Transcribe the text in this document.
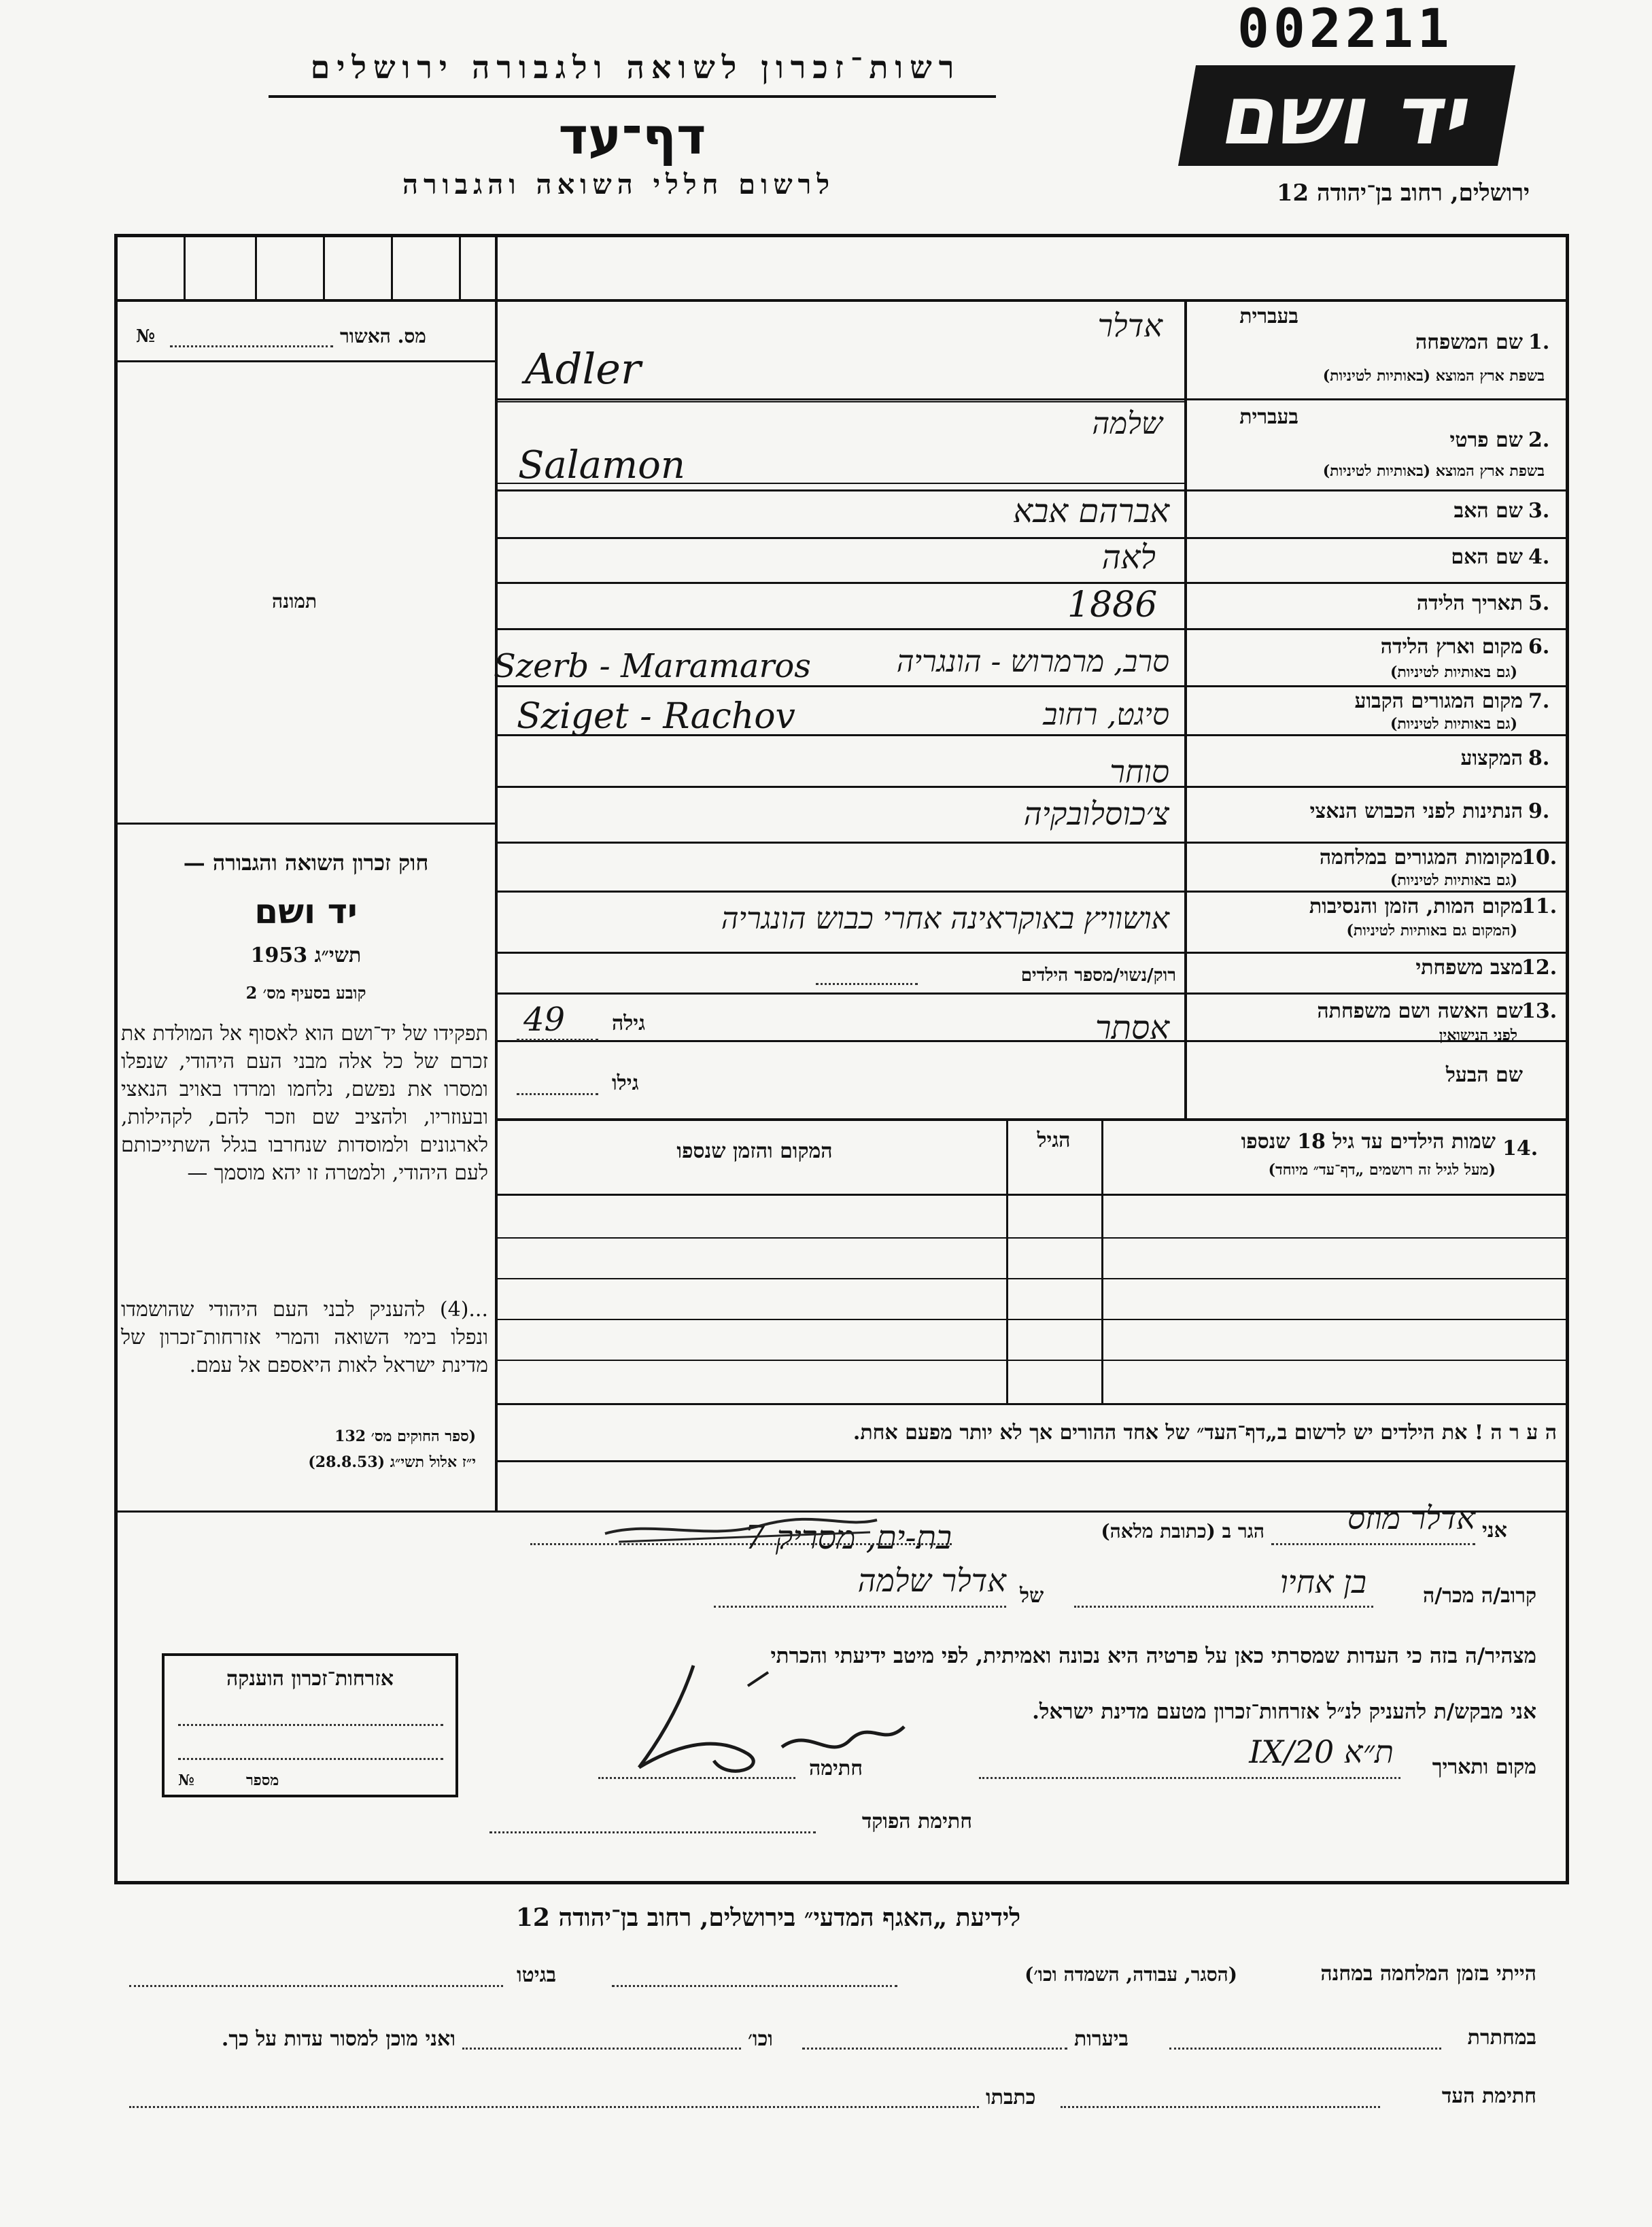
002211
רשות־זכרון לשואה ולגבורה ירושלים
דף־עד
לרשום חללי השואה והגבורה
יד ושם
ירושלים, רחוב בן־יהודה 12
מס. האשור
№
תמונה
חוק זכרון השואה והגבורה —
יד ושם
תשי״ג 1953
קובע בסעיף מס׳ 2
תפקידו של יד־ושם הוא לאסוף אל המולדת את זכרם של כל אלה מבני העם היהודי, שנפלו ומסרו את נפשם, נלחמו ומרדו באויב הנאצי ובעוזריו, ולהציב שם וזכר להם, לקהילות, לארגונים ולמוסדות שנחרבו בגלל השתייכותם לעם היהודי, ולמטרה זו יהא מוסמך —
...(4) להעניק לבני העם היהודי שהושמדו ונפלו בימי השואה והמרי אזרחות־זכרון של מדינת ישראל לאות היאספם אל עמם.
(ספר החוקים מס׳ 132
י״ז אלול תשי״ג (28.8.53)
אזרחות־זכרון הוענקה
מספר
№
שם המשפחה 1.
בעברית
בשפת ארץ המוצא (באותיות לטיניות)
אדלר
Adler
שם פרטי 2.
בעברית
בשפת ארץ המוצא (באותיות לטיניות)
שלמה
Salamon
שם האב 3.
אברהם אבא
שם האם 4.
לאה
תאריך הלידה 5.
1886
מקום וארץ הלידה 6.
(גם באותיות לטיניות)
Szerb - Maramaros	סרב, מרמרוש - הונגריה
מקום המגורים הקבוע 7.
(גם באותיות לטיניות)
Sziget - Rachov	סיגט, רחוב
המקצוע 8.
סוחר
הנתינות לפני הכבוש הנאצי 9.
צ׳כוסלובקיה
מקומות המגורים במלחמה
10.
(גם באותיות לטיניות)
מקום המות, הזמן והנסיבות
11.
(המקום גם באותיות לטיניות)
אושוויץ באוקראינה אחרי כבוש הונגריה
מצב משפחתי
12.
רוק/נשוי/מספר הילדים
שם האשה ושם משפחתה
13.
לפני הנישואין
אסתר
גילה
49
שם הבעל
גילו
14.
שמות הילדים עד גיל 18 שנספו
(מעל לגיל זה רושמים „דף־עד״ מיוחד)
הגיל
המקום והזמן שנספו
ה ע ר ה ! את הילדים יש לרשום ב„דף־העד״ של אחד ההורים אך לא יותר מפעם אחת.
אני
אדלר מוזס
הגר ב (כתובת מלאה)
בת-ים, מסריק 7
קרוב/ה מכר/ה
בן אחיו
של
אדלר שלמה
מצהיר/ה בזה כי העדות שמסרתי כאן על פרטיה היא נכונה ואמיתית, לפי מיטב ידיעתי והכרתי
אני מבקש/ת להעניק לנ״ל אזרחות־זכרון מטעם מדינת ישראל.
מקום ותאריך
ת״א 20/IX
חתימה
חתימת הפוקד
לידיעת „האגף המדעי״ בירושלים, רחוב בן־יהודה 12
הייתי בזמן המלחמה במחנה
(הסגר, עבודה, השמדה וכו׳)
בגיטו
במחתרת
ביערות
וכו׳
ואני מוכן למסור עדות על כך.
חתימת העד
כתבתו
